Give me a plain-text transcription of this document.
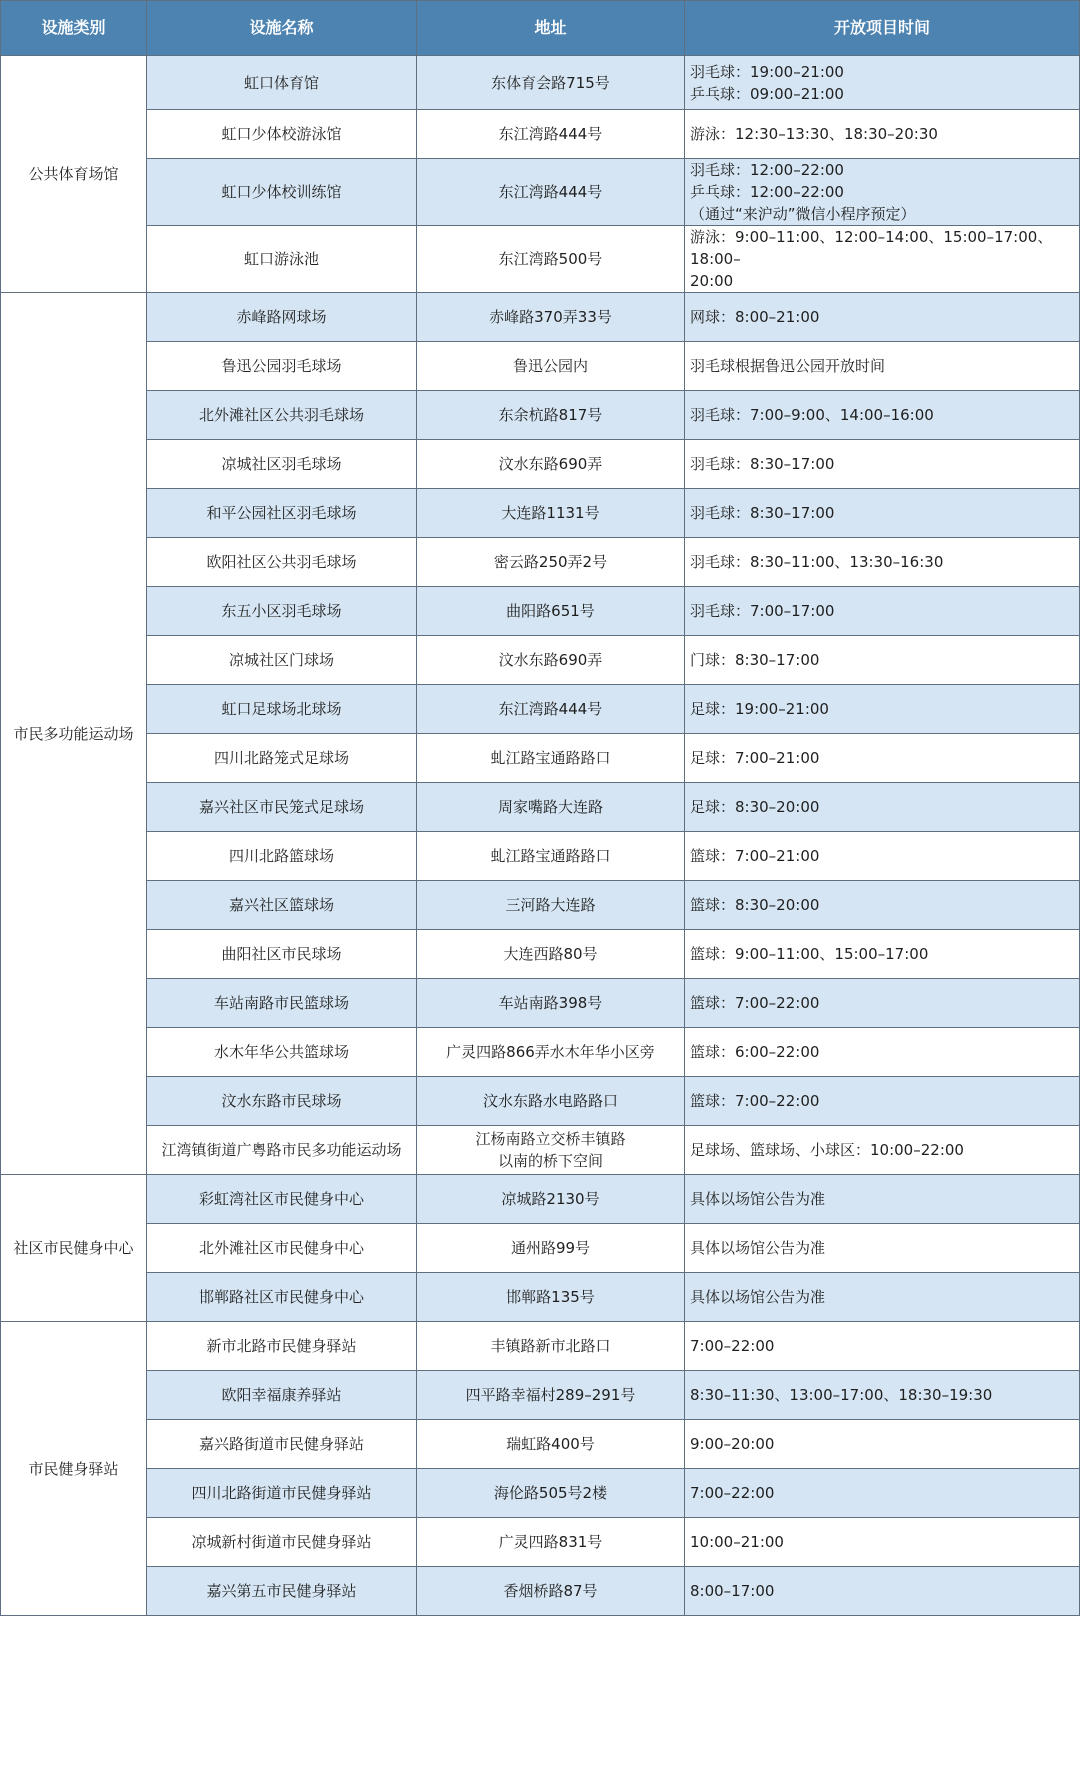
设施类别	设施名称	地址	开放项目时间
公共体育场馆	虹口体育馆	东体育会路715号	羽毛球：19:00–21:00
乒乓球：09:00–21:00

	虹口少体校游泳馆	东江湾路444号	游泳：12:30–13:30、18:30–20:30

	虹口少体校训练馆	东江湾路444号	羽毛球：12:00–22:00
乒乓球：12:00–22:00
（通过“来沪动”微信小程序预定）

	虹口游泳池	东江湾路500号	游泳：9:00–11:00、12:00–14:00、15:00–17:00、18:00–
20:00

市民多功能运动场	赤峰路网球场	赤峰路370弄33号	网球：8:00–21:00

	鲁迅公园羽毛球场	鲁迅公园内	羽毛球根据鲁迅公园开放时间

	北外滩社区公共羽毛球场	东余杭路817号	羽毛球：7:00–9:00、14:00–16:00

	凉城社区羽毛球场	汶水东路690弄	羽毛球：8:30–17:00

	和平公园社区羽毛球场	大连路1131号	羽毛球：8:30–17:00

	欧阳社区公共羽毛球场	密云路250弄2号	羽毛球：8:30–11:00、13:30–16:30

	东五小区羽毛球场	曲阳路651号	羽毛球：7:00–17:00

	凉城社区门球场	汶水东路690弄	门球：8:30–17:00

	虹口足球场北球场	东江湾路444号	足球：19:00–21:00

	四川北路笼式足球场	虬江路宝通路路口	足球：7:00–21:00

	嘉兴社区市民笼式足球场	周家嘴路大连路	足球：8:30–20:00

	四川北路篮球场	虬江路宝通路路口	篮球：7:00–21:00

	嘉兴社区篮球场	三河路大连路	篮球：8:30–20:00

	曲阳社区市民球场	大连西路80号	篮球：9:00–11:00、15:00–17:00

	车站南路市民篮球场	车站南路398号	篮球：7:00–22:00

	水木年华公共篮球场	广灵四路866弄水木年华小区旁	篮球：6:00–22:00

	汶水东路市民球场	汶水东路水电路路口	篮球：7:00–22:00

	江湾镇街道广粤路市民多功能运动场	江杨南路立交桥丰镇路
以南的桥下空间	足球场、篮球场、小球区：10:00–22:00

社区市民健身中心	彩虹湾社区市民健身中心	凉城路2130号	具体以场馆公告为准

	北外滩社区市民健身中心	通州路99号	具体以场馆公告为准

	邯郸路社区市民健身中心	邯郸路135号	具体以场馆公告为准

市民健身驿站	新市北路市民健身驿站	丰镇路新市北路口	7:00–22:00

	欧阳幸福康养驿站	四平路幸福村289–291号	8:30–11:30、13:00–17:00、18:30–19:30

	嘉兴路街道市民健身驿站	瑞虹路400号	9:00–20:00

	四川北路街道市民健身驿站	海伦路505号2楼	7:00–22:00

	凉城新村街道市民健身驿站	广灵四路831号	10:00–21:00

	嘉兴第五市民健身驿站	香烟桥路87号	8:00–17:00
